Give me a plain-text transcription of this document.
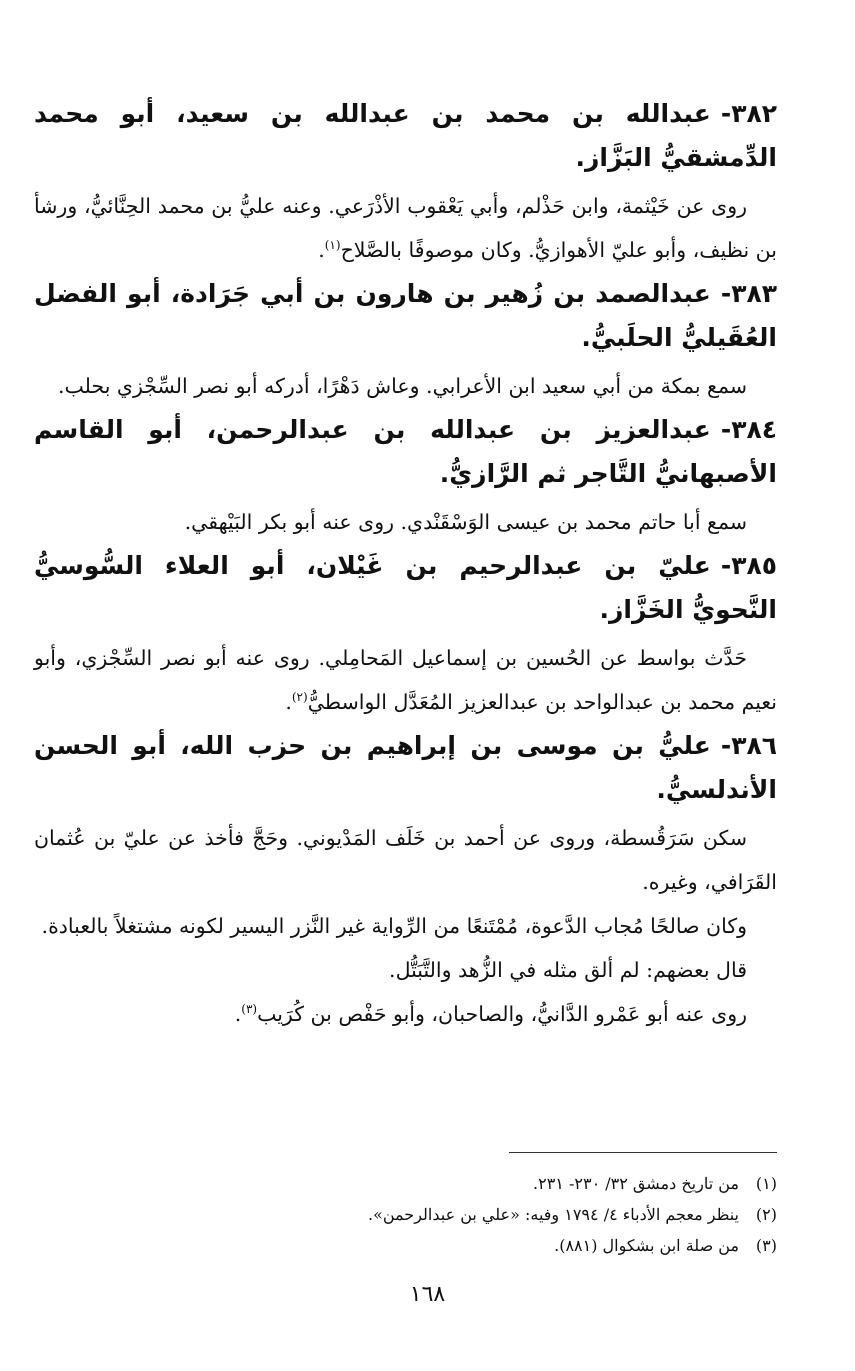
٣٨٢-عبدالله بن محمد بن عبدالله بن سعيد، أبو محمد الدِّمشقيُّ البَزَّاز.

روى عن خَيْثمة، وابن حَذْلم، وأبي يَعْقوب الأذْرَعي. وعنه عليُّ بن محمد الحِنَّائيُّ، ورشأ بن نظيف، وأبو عليّ الأهوازيُّ. وكان موصوفًا بالصَّلاح$^{(١)}$.

٣٨٣-عبدالصمد بن زُهير بن هارون بن أبي جَرَادة، أبو الفضل العُقَيليُّ الحلَبيُّ.

سمع بمكة من أبي سعيد ابن الأعرابي. وعاش دَهْرًا، أدركه أبو نصر السِّجْزي بحلب.

٣٨٤-عبدالعزيز بن عبدالله بن عبدالرحمن، أبو القاسم الأصبهانيُّ التَّاجر ثم الرَّازيُّ.

سمع أبا حاتم محمد بن عيسى الوَسْقَنْدي. روى عنه أبو بكر البَيْهقي.

٣٨٥-عليّ بن عبدالرحيم بن غَيْلان، أبو العلاء السُّوسيُّ النَّحويُّ الخَزَّاز.

حَدَّث بواسط عن الحُسين بن إسماعيل المَحامِلي. روى عنه أبو نصر السِّجْزي، وأبو نعيم محمد بن عبدالواحد بن عبدالعزيز المُعَدَّل الواسطيُّ$^{(٢)}$.

٣٨٦-عليُّ بن موسى بن إبراهيم بن حزب الله، أبو الحسن الأندلسيُّ.

سكن سَرَقُسطة، وروى عن أحمد بن خَلَف المَدْيوني. وحَجَّ فأخذ عن عليّ بن عُثمان القَرَافي، وغيره.

وكان صالحًا مُجاب الدَّعوة، مُمْتَنعًا من الرِّواية غير النَّزر اليسير لكونه مشتغلاً بالعبادة.

قال بعضهم: لم ألق مثله في الزُّهد والتَّبَتُّل.

روى عنه أبو عَمْرو الدَّانيُّ، والصاحبان، وأبو حَفْص بن كُرَيب$^{(٣)}$.

(١)من تاريخ دمشق ٣٢/ ٢٣٠- ٢٣١.

(٢)ينظر معجم الأدباء ٤/ ١٧٩٤ وفيه: «علي بن عبدالرحمن».

(٣)من صلة ابن بشكوال (٨٨١).

١٦٨
